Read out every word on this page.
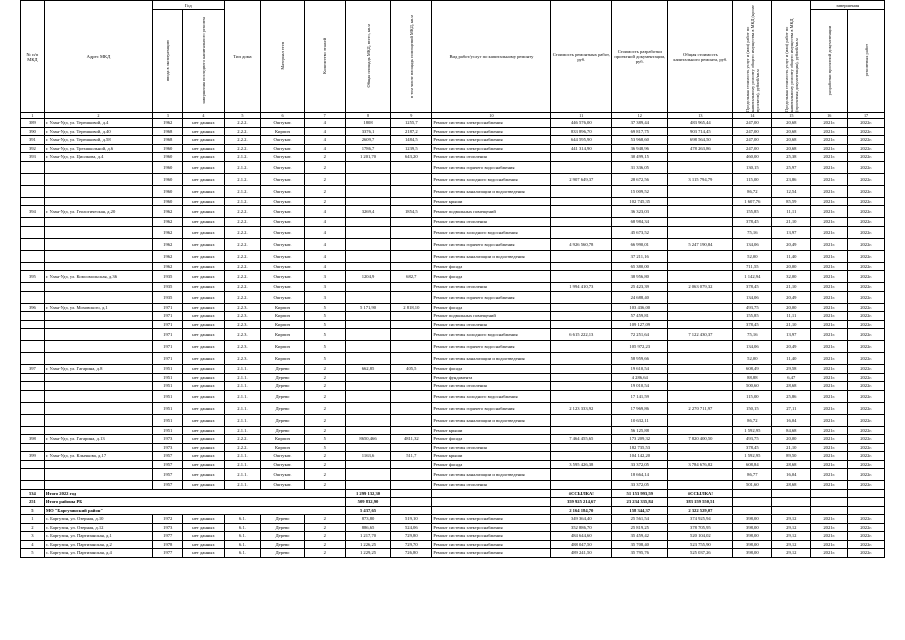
№ п/п МКД	Адрес МКД	Год		Тип дома	Материал стен	Количество этажей	Общая площадь МКД, всего, кв.м	в том числе площадь помещений МКД, кв.м	Вид работ/услуг по капитальному ремонту	Стоимость ремонтных работ, руб.	Стоимость разработки проектной документации, руб.	Общая стоимость капитального ремонта, руб.	Предельная стоимость услуг и (или) работ по капитальному ремонту общего имущества в МКД (кроме проектов), рублей/кв.м	Предельная стоимость услуг и (или) работ по капитальному ремонту общего имущества в МКД (проектная документация), рублей/кв.м	завершения	
		ввода в эксплуатацию	завершения последнего капитального ремонта												разработки проектной документации	ремонтных работ
1	2	3	4	5	6	7	8	9	10	11	12	13	14	15	16	17
389	г. Улан-Удэ, ул. Терешковой, д.4	1962	нет данных	2.2.2.	Оштукат.	4	1808	1255,7	Ремонт системы электроснабжения	446 576,00	37 389,44	483 965,44	247,00	20,68	2021г.	2022г.
390	г. Улан-Удэ, ул. Терешковой, д.40	1968	нет данных	2.2.2.	Кирпич	4	3376,1	2187,2	Ремонт системы электроснабжения	833 896,70	69 817,75	903 714,45	247,00	20,68	2021г.	2022г.
391	г. Улан-Удэ, ул. Терешковой, д.58	1968	нет данных	2.2.2.	Оштукат.	4	2609,7	1484,5	Ремонт системы электроснабжения	644 595,90	53 968,60	698 564,50	247,00	20,68	2021г.	2022г.
392	г. Улан-Удэ, ул. Трехшкольной, д.6	1960	нет данных	2.2.2.	Оштукат.	4	1786,7	1239,5	Ремонт системы электроснабжения	441 314,90	36 948,96	478 263,86	247,00	20,68	2021г.	2022г.
393	г. Улан-Удэ, ул. Циолкова, д.4	1960	нет данных	2.1.2.	Оштукат.	2	1 201,70	643,20	Ремонт системы отопления		30 499,15		460,00	25,38	2021г.	2022г.
		1960	нет данных	2.1.2.	Оштукат.	2			Ремонт системы горячего водоснабжения		31 336,05		130,15	25,97	2021г.	2022г.
		1960	нет данных	2.1.2.	Оштукат.	2			Ремонт системы холодного водоснабжения	2 907 649,37	28 672,56	3 115 794,79	115,00	23,86	2021г.	2022г.
		1960	нет данных	2.1.2.	Оштукат.	2			Ремонт системы канализации и водоотведения		15 009,52		86,72	12,54	2021г.	2022г.
		1960	нет данных	2.1.2.	Оштукат.	2			Ремонт крыши		102 745,35		1 607,76	85,59	2021г.	2022г.
394	г. Улан-Удэ, ул. Геологическая, д.20	1962	нет данных	2.2.2.	Оштукат.	4	3269,4	1854,5	Ремонт подвальных помещений		36 323,03		155,85	11,11	2021г.	2022г.
		1962	нет данных	2.2.2.	Оштукат.	4			Ремонт системы отопления		68 984,34		378,45	21,10	2021г.	2022г.
		1962	нет данных	2.2.2.	Оштукат.	4			Ремонт системы холодного водоснабжения		45 673,52		75,16	13,97	2021г.	2022г.
		1962	нет данных	2.2.2.	Оштукат.	4			Ремонт системы горячего водоснабжения	4 926 560,78	66 990,01	5 247 190,84	134,06	20,49	2021г.	2022г.
		1962	нет данных	2.2.2.	Оштукат.	4			Ремонт системы канализации и водоотведения		37 211,16		52,00	11,40	2021г.	2022г.
		1962	нет данных	2.2.2.	Оштукат.	4			Ремонт фасада		65 380,00		711,55	20,00	2021г.	2022г.
395	г. Улан-Удэ, ул. Комсомольская, д.36	1935	нет данных	2.2.2.	Оштукат.	3	1204,9	682,7	Ремонт фасада		38 956,80		1 142,94	32,00	2021г.	2022г.
		1935	нет данных	2.2.2.	Оштукат.	3			Ремонт системы отопления	1 994 410,73	25 423,39	2 063 079,32	378,45	21,10	2021г.	2022г.
		1935	нет данных	2.2.2.	Оштукат.	3			Ремонт системы горячего водоснабжения		24 688,40		134,06	20,49	2021г.	2022г.
396	г. Улан-Удэ, ул. Моховского, д.1	1971	нет данных	2.2.3.	Кирпич	5	5 171,90	2 818,10	Ремонт фасада		103 436,00		493,75	20,00	2021г.	2022г.
		1971	нет данных	2.2.3.	Кирпич	5			Ремонт подвальных помещений		57 459,81		155,85	11,11	2021г.	2022г.
		1971	нет данных	2.2.3.	Кирпич	5			Ремонт системы отопления		109 127,09		378,45	21,10	2021г.	2022г.
		1971	нет данных	2.2.3.	Кирпич	5			Ремонт системы холодного водоснабжения	6 615 222,13	72 251,64	7 122 430,37	75,16	13,97	2021г.	2022г.
		1971	нет данных	2.2.3.	Кирпич	5			Ремонт системы горячего водоснабжения		105 972,23		134,06	20,49	2021г.	2022г.
		1971	нет данных	2.2.3.	Кирпич	5			Ремонт системы канализации и водоотведения		58 959,66		52,00	11,40	2021г.	2022г.
397	г. Улан-Удэ, ул. Гагарина, д.8	1951	нет данных	2.1.1.	Дерево	2	662,85	405,5	Ремонт фасада		19 610,54		608,49	29,58	2021г.	2022г.
		1951	нет данных	2.1.1.	Дерево	2			Ремонт фундамента		4 286,64		88,88	6,47	2021г.	2022г.
		1951	нет данных	2.1.1.	Дерево	2			Ремонт системы отопления		19 010,54		500,60	28,68	2021г.	2022г.
		1951	нет данных	2.1.1.	Дерево	2			Ремонт системы холодного водоснабжения		17 141,59		115,00	25,86	2021г.	2022г.
		1951	нет данных	2.1.1.	Дерево	2			Ремонт системы горячего водоснабжения	2 123 333,92	17 969,86	2 270 711,97	150,15	27,11	2021г.	2022г.
		1951	нет данных	2.1.1.	Дерево	2			Ремонт системы канализации и водоотведения		10 632,11		86,72	16,04	2021г.	2022г.
		1951	нет данных	2.1.1.	Дерево	2			Ремонт крыши		56 125,88		1 592,95	84,68	2021г.	2022г.
398	г. Улан-Удэ, ул. Гагарина, д.13	1973	нет данных	2.2.2.	Кирпич	5	8650,466	4811,32	Ремонт фасада	7 464 455,65	173 209,32	7 820 400,50	493,75	20,00	2021г.	2022г.
		1973	нет данных	2.2.2.	Кирпич	5			Ремонт системы отопления		182 735,53		378,45	21,10	2021г.	2022г.
399	г. Улан-Удэ, ул. Клычкова, д.17	1957	нет данных	2.1.1.	Оштукат.	2	1163,6	511,7	Ремонт крыши		104 142,20		1 592,95	89,50	2021г.	2022г.
		1957	нет данных	2.1.1.	Оштукат.	2			Ремонт фасада	3 595 426,38	33 372,05	3 784 676,82	608,84	28,68	2021г.	2022г.
		1957	нет данных	2.1.1.	Оштукат.	2			Ремонт системы канализации и водоотведения		18 664,14		86,77	16,04	2021г.	2022г.
		1957	нет данных	2.1.1.	Оштукат.	2			Ремонт системы отопления		33 372,05		501,60	28,68	2021г.	2022г.
534	Итого 2022 год						1 299 132,30			#ССЫЛКА!	51 153 993,59	#ССЫЛКА!				
251	Итого районы РБ						509 832,90			359 925 214,67	23 234 335,84	383 159 550,51				
5	МО "Баргузинский район"						5 437,65			2 164 184,70	158 344,37	2 322 529,07				
1	с. Баргузин, ул. Озерная, д.10	1972	нет данных	6.1.	Дерево	2	873,80	519,10	Ремонт системы электроснабжения	349 364,40	25 561,54	374 925,94	398,00	29,12	2021г.	2022г.
2	с. Баргузин, ул. Озерная, д.12	1973	нет данных	6.1.	Дерево	2	886,65	524,06	Ремонт системы электроснабжения	352 886,70	25 819,25	378 705,95	398,00	29,12	2021г.	2022г.
3	с. Баргузин, ул. Партизанская, д.1	1977	нет данных	6.1.	Дерево	2	1 217,70	729,80	Ремонт системы электроснабжения	484 644,60	35 459,42	520 104,02	398,00	29,12	2021г.	2022г.
4	с. Баргузин, ул. Партизанская, д.2	1978	нет данных	6.1.	Дерево	2	1 226,25	729,70	Ремонт системы электроснабжения	488 047,50	35 708,40	523 755,90	398,00	29,12	2021г.	2022г.
5	с. Баргузин, ул. Партизанская, д.4	1977	нет данных	6.1.	Дерево	2	1 229,25	726,80	Ремонт системы электроснабжения	489 241,50	35 795,76	525 037,26	398,00	29,12	2021г.	2022г.
